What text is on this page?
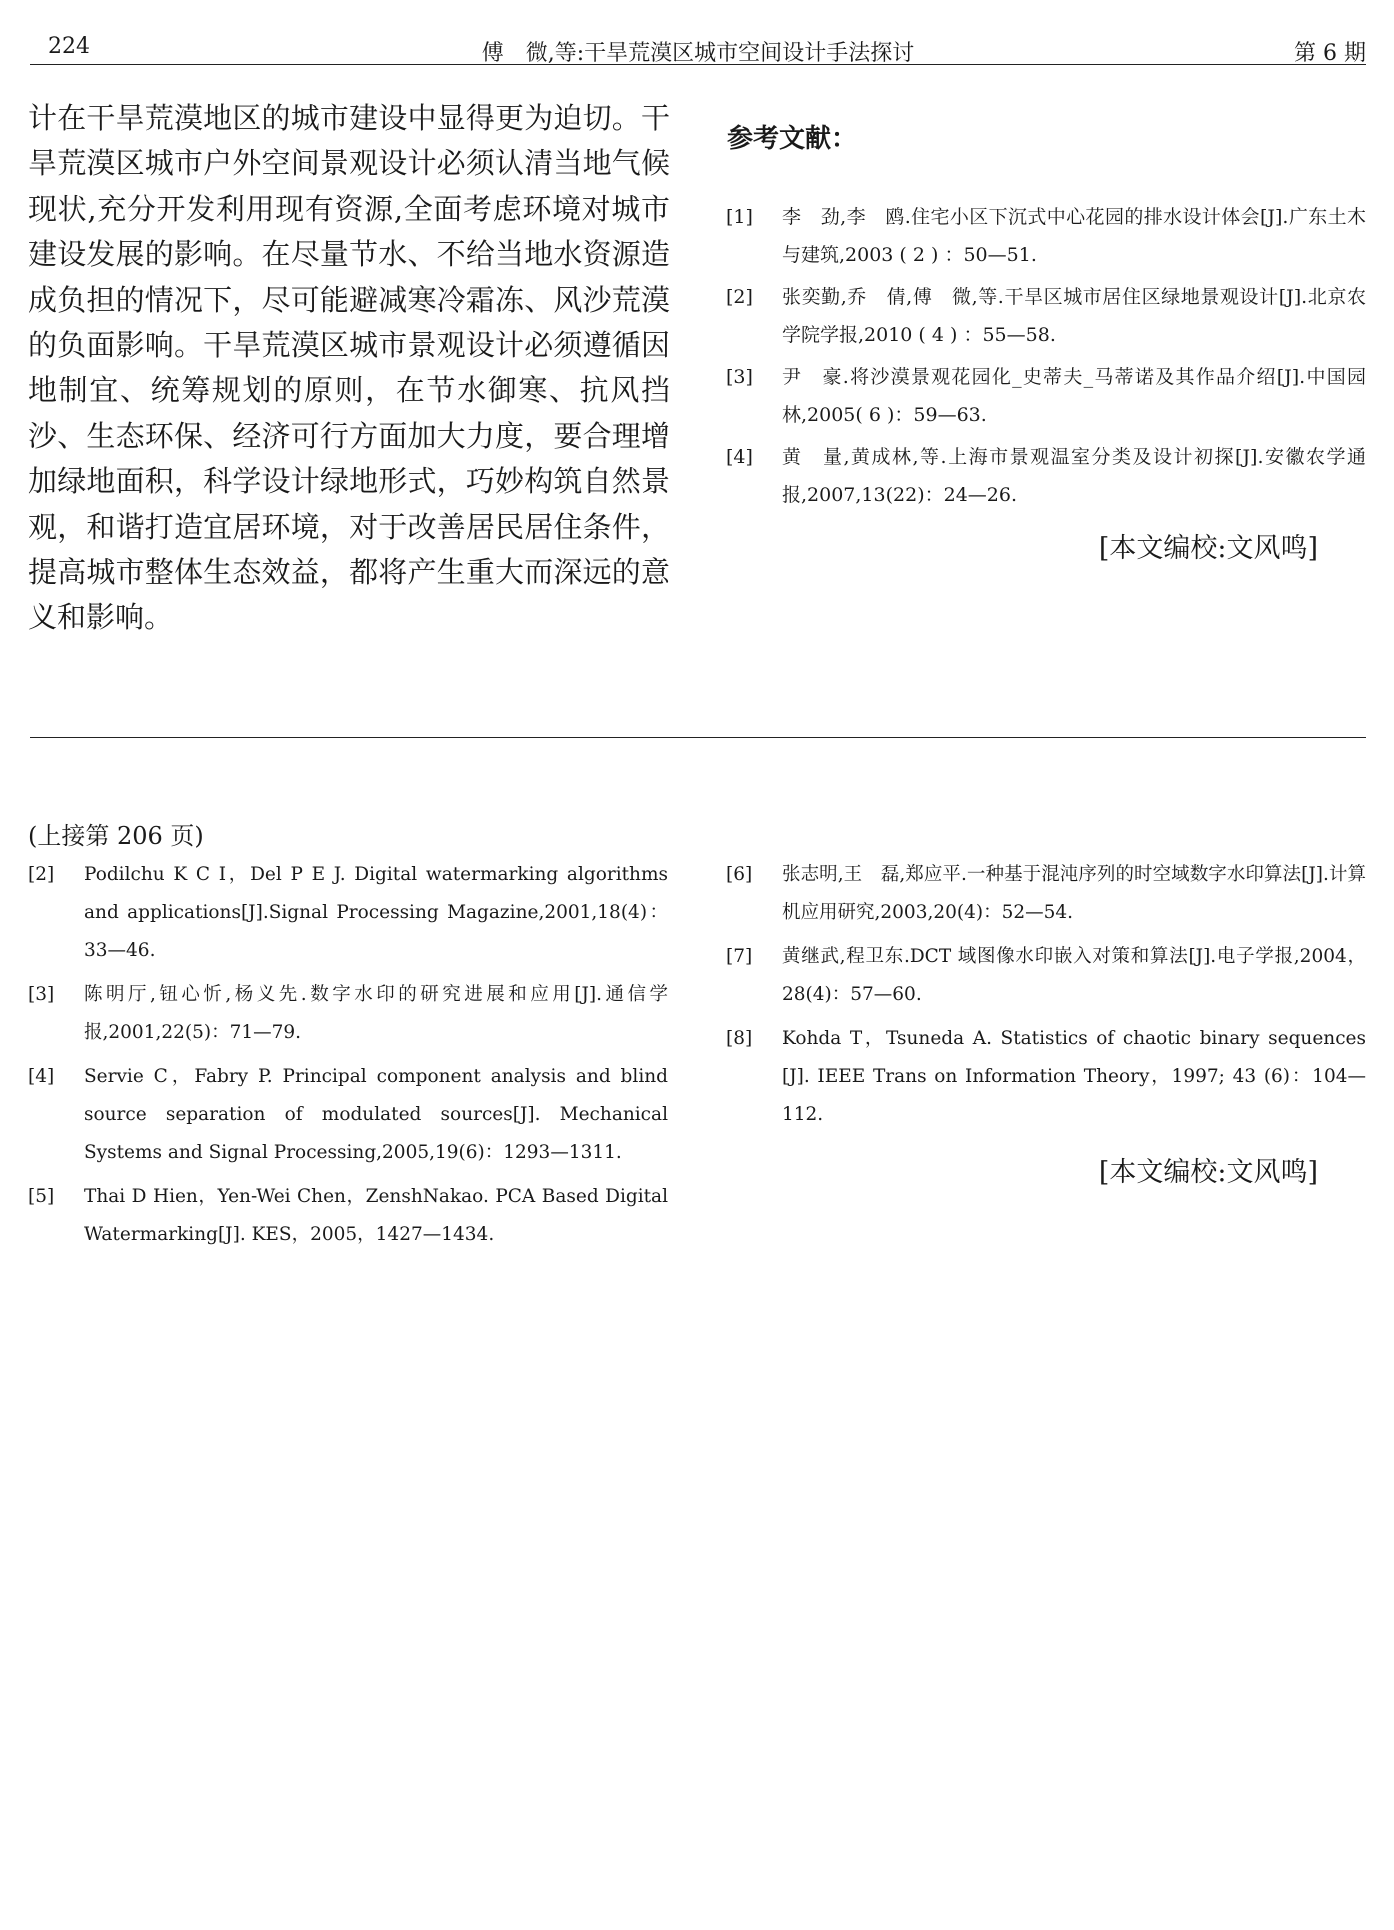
224	傅　微,等:干旱荒漠区城市空间设计手法探讨	第 6 期

计在干旱荒漠地区的城市建设中显得更为迫切。干旱荒漠区城市户外空间景观设计必须认清当地气候现状,充分开发利用现有资源,全面考虑环境对城市建设发展的影响。在尽量节水、不给当地水资源造成负担的情况下，尽可能避减寒冷霜冻、风沙荒漠的负面影响。干旱荒漠区城市景观设计必须遵循因地制宜、统筹规划的原则，在节水御寒、抗风挡沙、生态环保、经济可行方面加大力度，要合理增加绿地面积，科学设计绿地形式，巧妙构筑自然景观，和谐打造宜居环境，对于改善居民居住条件，提高城市整体生态效益，都将产生重大而深远的意义和影响。

参考文献：
[1] 李　劲,李　鸥.住宅小区下沉式中心花园的排水设计体会[J].广东土木与建筑,2003 ( 2 ) ：50—51.
[2] 张奕勤,乔　倩,傅　微,等.干旱区城市居住区绿地景观设计[J].北京农学院学报,2010 ( 4 ) ：55—58.
[3] 尹　豪.将沙漠景观花园化_史蒂夫_马蒂诺及其作品介绍[J].中国园林,2005( 6 )：59—63.
[4] 黄　量,黄成林,等.上海市景观温室分类及设计初探[J].安徽农学通报,2007,13(22)：24—26.
[本文编校:文风鸣]
(上接第 206 页)
[2] Podilchu K C I，Del P E J. Digital watermarking algorithms and applications[J].Signal Processing Magazine,2001,18(4)：33—46.
[3] 陈明厅,钮心忻,杨义先.数字水印的研究进展和应用[J].通信学报,2001,22(5)：71—79.
[4] Servie C，Fabry P. Principal component analysis and blind source separation of modulated sources[J]. Mechanical Systems and Signal Processing,2005,19(6)：1293—1311.
[5] Thai D Hien，Yen-Wei Chen，ZenshNakao. PCA Based Digital Watermarking[J]. KES，2005，1427—1434.
[6] 张志明,王　磊,郑应平.一种基于混沌序列的时空域数字水印算法[J].计算机应用研究,2003,20(4)：52—54.
[7] 黄继武,程卫东.DCT 域图像水印嵌入对策和算法[J].电子学报,2004，28(4)：57—60.
[8] Kohda T，Tsuneda A. Statistics of chaotic binary sequences [J]. IEEE Trans on Information Theory，1997; 43 (6)：104—112.
[本文编校:文风鸣]
